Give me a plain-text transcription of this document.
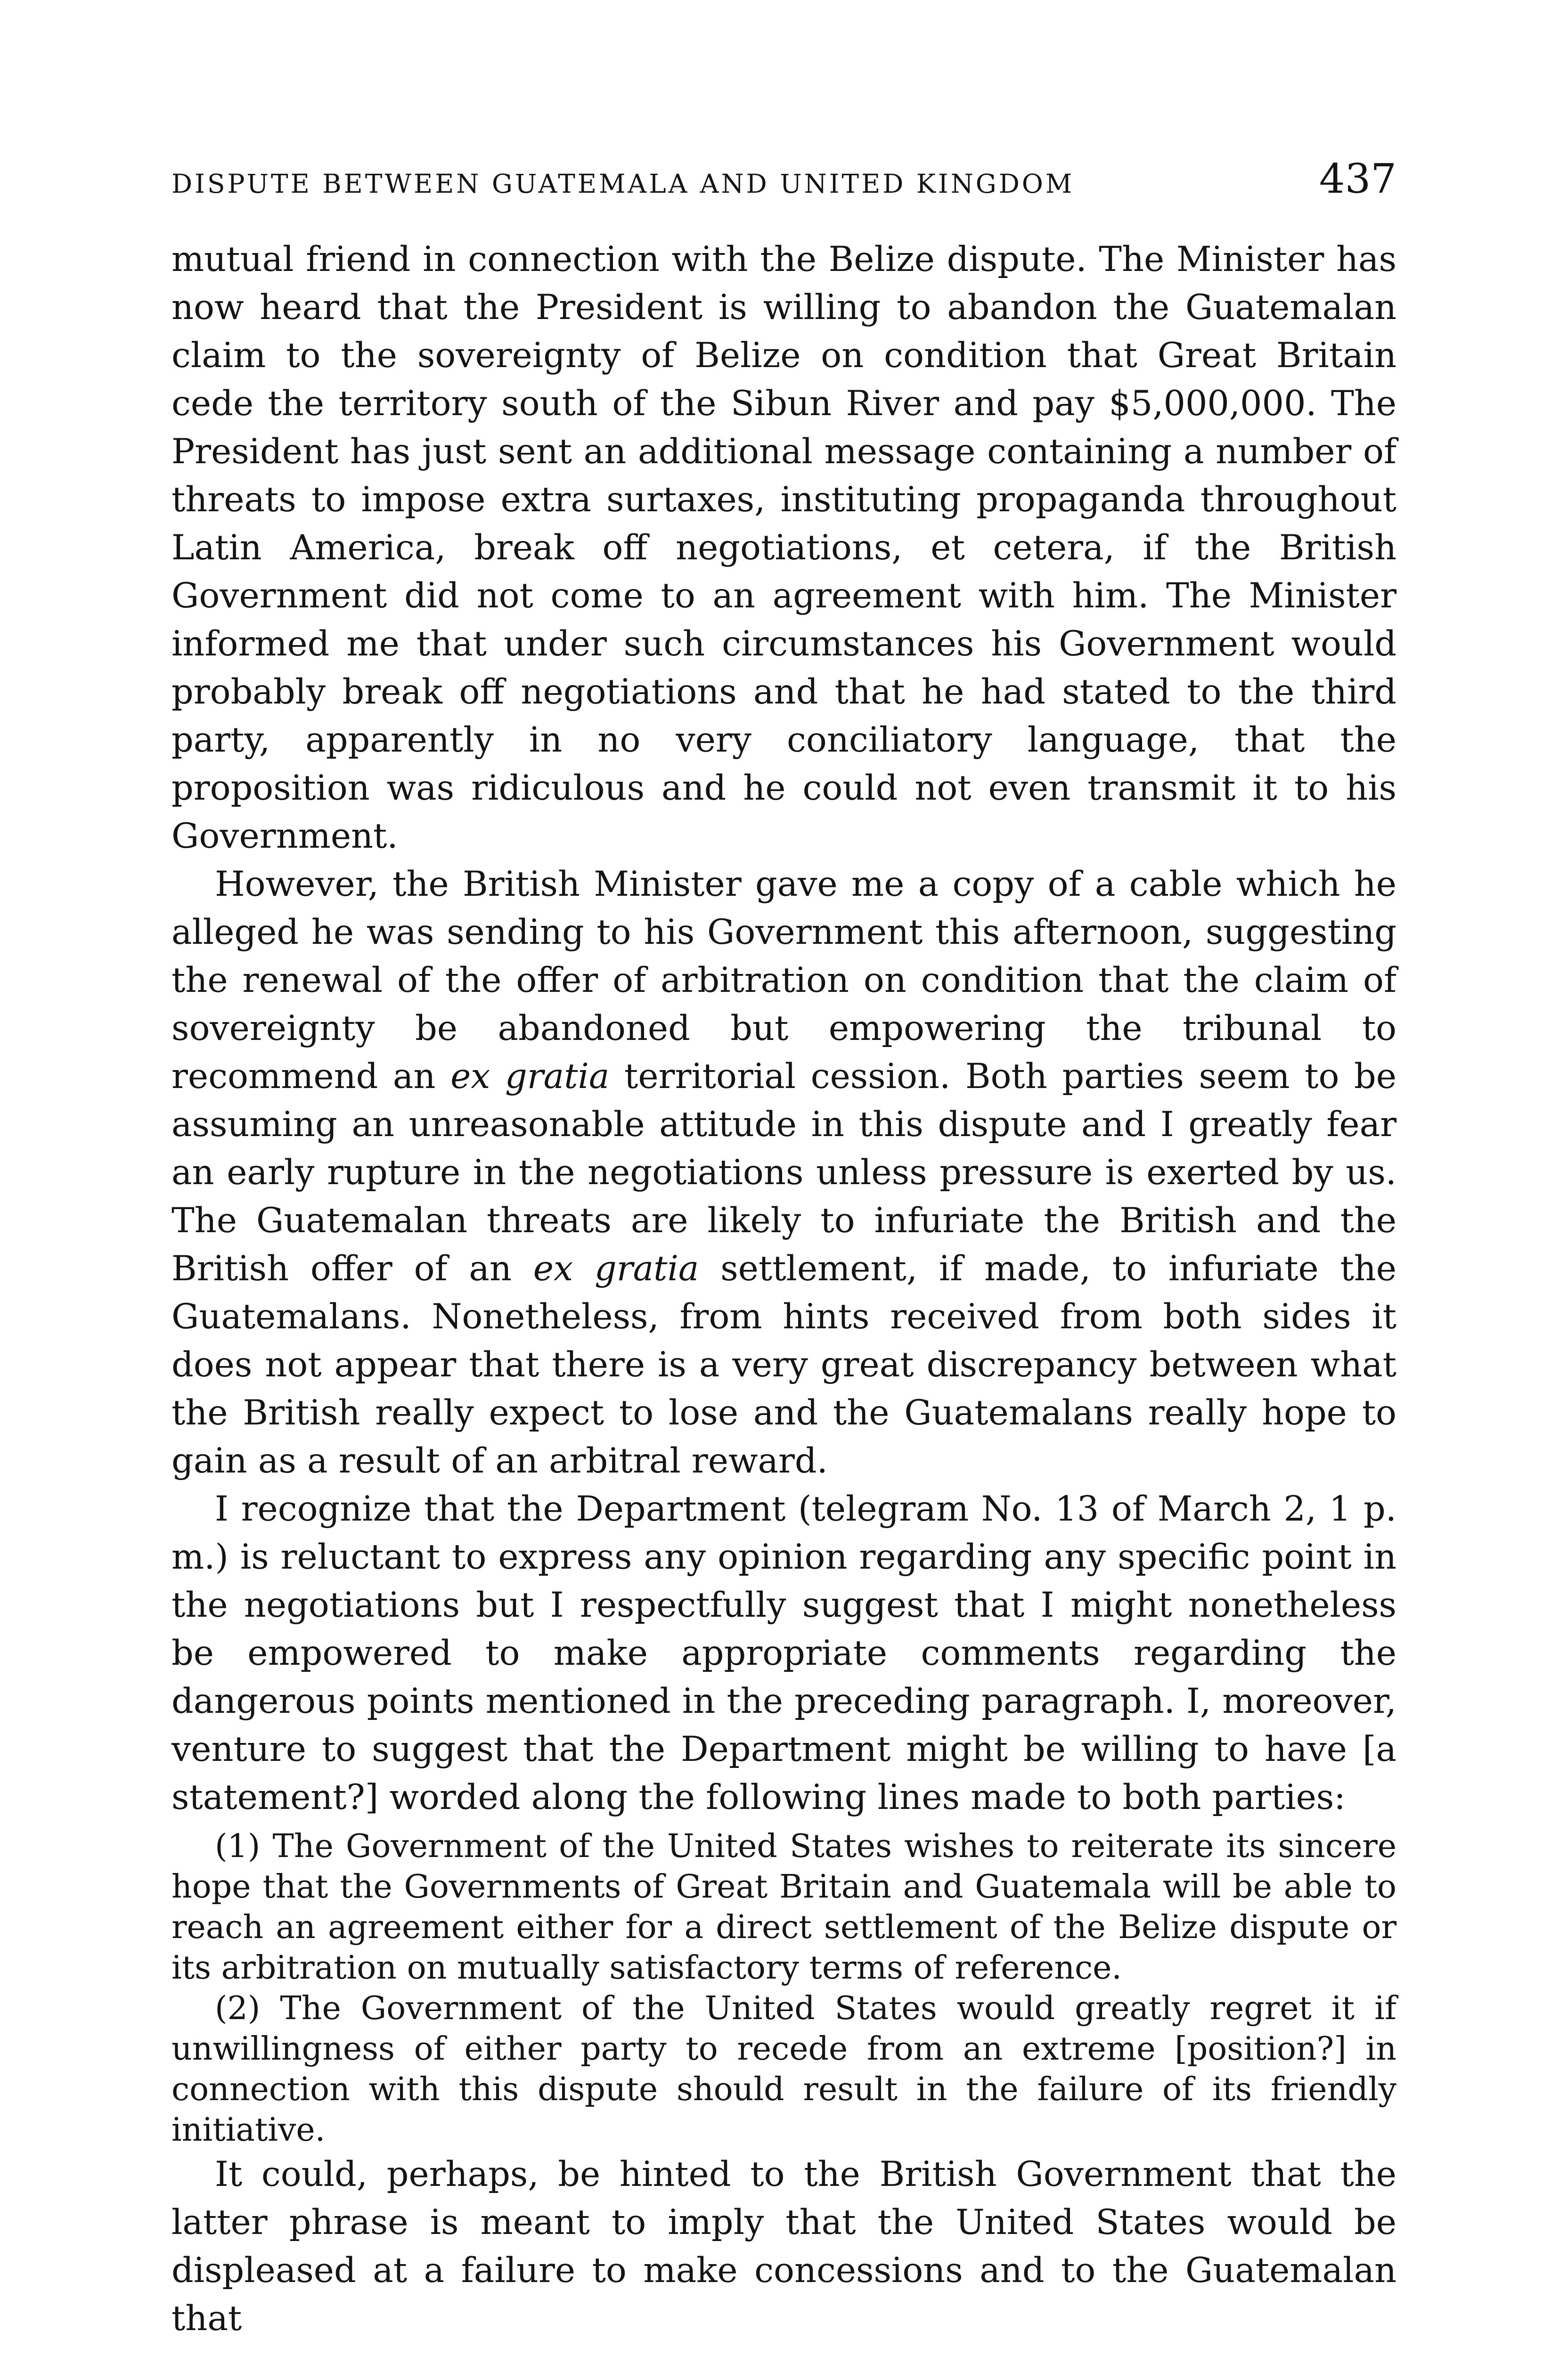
DISPUTE BETWEEN GUATEMALA AND UNITED KINGDOM	437

mutual friend in connection with the Belize dispute. The Minister has now heard that the President is willing to abandon the Guatemalan claim to the sovereignty of Belize on condition that Great Britain cede the territory south of the Sibun River and pay $5,000,000. The President has just sent an additional message containing a number of threats to impose extra surtaxes, instituting propaganda throughout Latin America, break off negotiations, et cetera, if the British Government did not come to an agreement with him. The Minister informed me that under such circumstances his Government would probably break off negotiations and that he had stated to the third party, apparently in no very conciliatory language, that the proposition was ridiculous and he could not even transmit it to his Government.

However, the British Minister gave me a copy of a cable which he alleged he was sending to his Government this afternoon, suggesting the renewal of the offer of arbitration on condition that the claim of sovereignty be abandoned but empowering the tribunal to recommend an ex gratia territorial cession. Both parties seem to be assuming an unreasonable attitude in this dispute and I greatly fear an early rupture in the negotiations unless pressure is exerted by us. The Guatemalan threats are likely to infuriate the British and the British offer of an ex gratia settlement, if made, to infuriate the Guatemalans. Nonetheless, from hints received from both sides it does not appear that there is a very great discrepancy between what the British really expect to lose and the Guatemalans really hope to gain as a result of an arbitral reward.

I recognize that the Department (telegram No. 13 of March 2, 1 p. m.) is reluctant to express any opinion regarding any specific point in the negotiations but I respectfully suggest that I might nonetheless be empowered to make appropriate comments regarding the dangerous points mentioned in the preceding paragraph. I, moreover, venture to suggest that the Department might be willing to have [a statement?] worded along the following lines made to both parties:

(1) The Government of the United States wishes to reiterate its sincere hope that the Governments of Great Britain and Guatemala will be able to reach an agreement either for a direct settlement of the Belize dispute or its arbitration on mutually satisfactory terms of reference.

(2) The Government of the United States would greatly regret it if unwillingness of either party to recede from an extreme [position?] in connection with this dispute should result in the failure of its friendly initiative.

It could, perhaps, be hinted to the British Government that the latter phrase is meant to imply that the United States would be displeased at a failure to make concessions and to the Guatemalan that
